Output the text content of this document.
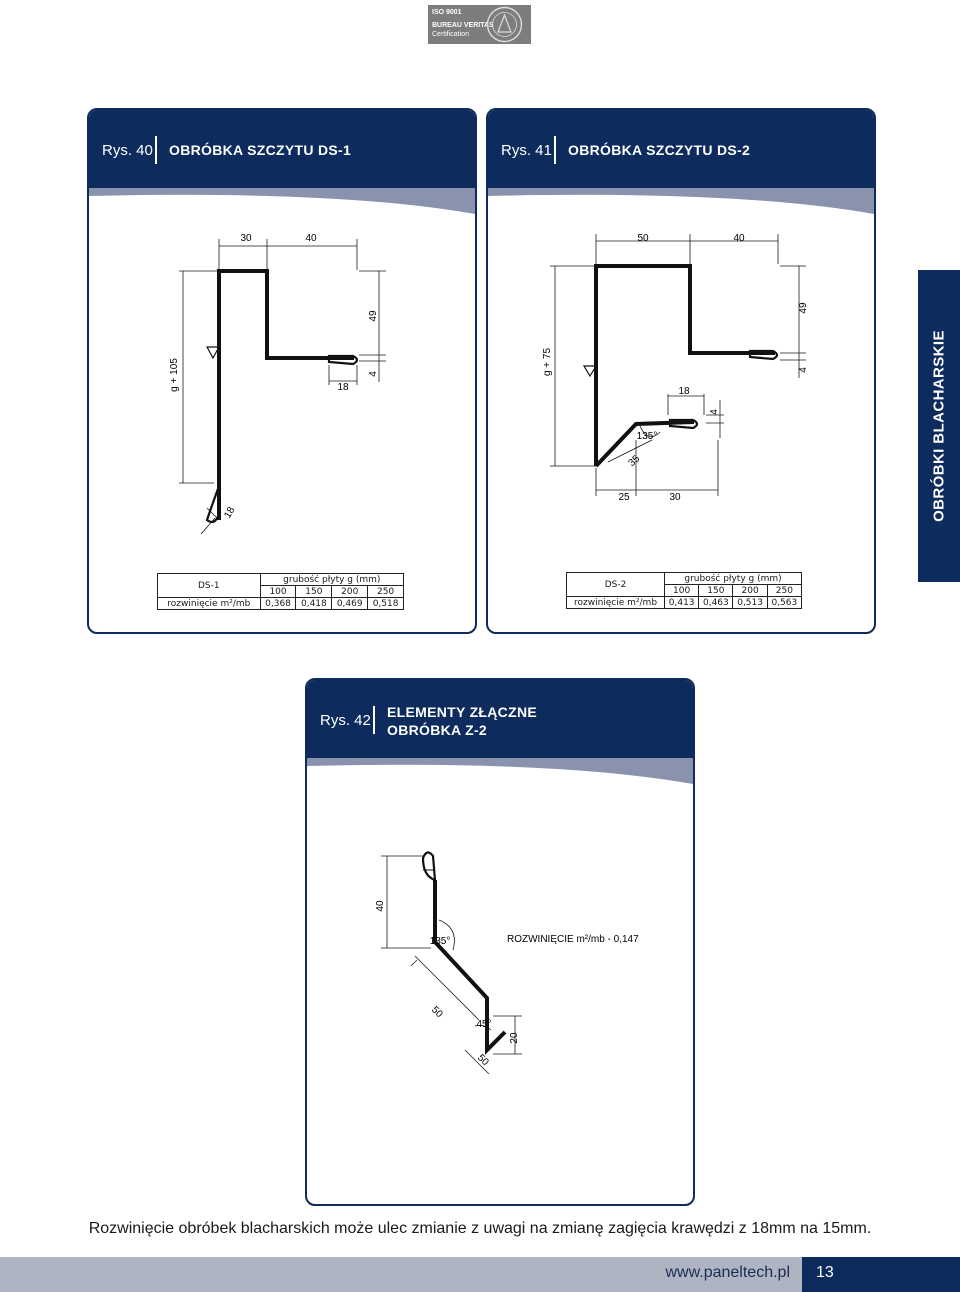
ISO 9001
BUREAU VERITAS
Certification
Rys. 40 OBRÓBKA SZCZYTU DS-1
30	40
49
4
18
g + 105
18
DS-1	grubość płyty g (mm)			
	100	150	200	250
rozwinięcie m²/mb	0,368	0,418	0,469	0,518
Rys. 41 OBRÓBKA SZCZYTU DS-2
50	40
49
4
g + 75
18
4
135°
35
25	30
DS-2	grubość płyty g (mm)			
	100	150	200	250
rozwinięcie m²/mb	0,413	0,463	0,513	0,563
OBRÓBKI BLACHARSKIE
Rys. 42 ELEMENTY ZŁĄCZNE
OBRÓBKA Z-2
40
135°
50
45°
50
20
ROZWINIĘCIE m²/mb - 0,147
Rozwinięcie obróbek blacharskich może ulec zmianie z uwagi na zmianę zagięcia krawędzi z 18mm na 15mm.
www.paneltech.pl 13
